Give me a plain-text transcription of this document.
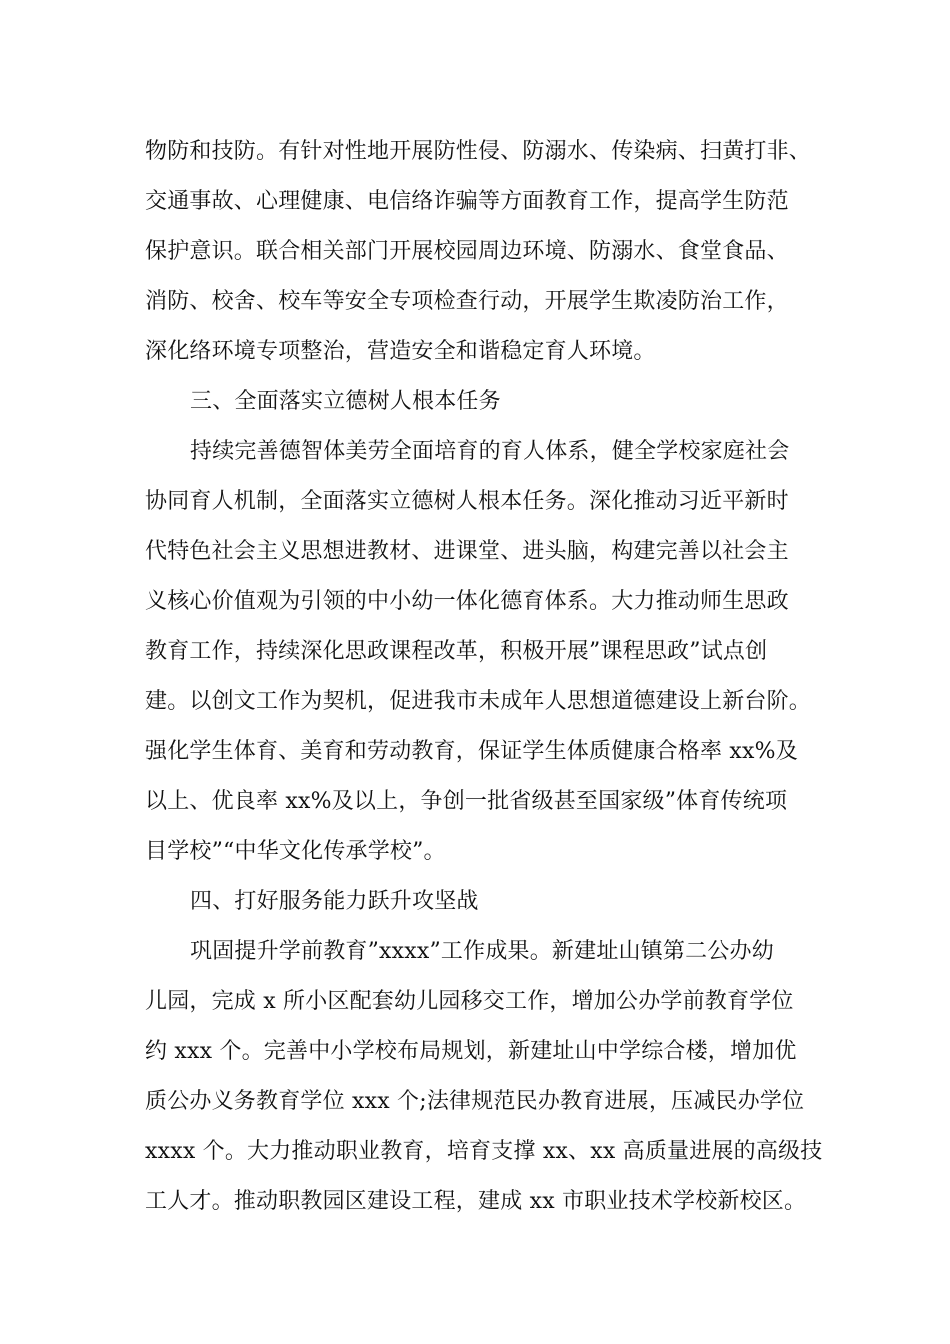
物防和技防。有针对性地开展防性侵、防溺水、传染病、扫黄打非、
交通事故、心理健康、电信络诈骗等方面教育工作，提高学生防范
保护意识。联合相关部门开展校园周边环境、防溺水、食堂食品、
消防、校舍、校车等安全专项检查行动，开展学生欺凌防治工作，
深化络环境专项整治，营造安全和谐稳定育人环境。
三、全面落实立德树人根本任务
持续完善德智体美劳全面培育的育人体系，健全学校家庭社会
协同育人机制，全面落实立德树人根本任务。深化推动习近平新时
代特色社会主义思想进教材、进课堂、进头脑，构建完善以社会主
义核心价值观为引领的中小幼一体化德育体系。大力推动师生思政
教育工作，持续深化思政课程改革，积极开展”课程思政”试点创
建。以创文工作为契机，促进我市未成年人思想道德建设上新台阶。
强化学生体育、美育和劳动教育，保证学生体质健康合格率 xx%及
以上、优良率 xx%及以上，争创一批省级甚至国家级”体育传统项
目学校”“中华文化传承学校”。
四、打好服务能力跃升攻坚战
巩固提升学前教育”xxxx”工作成果。新建址山镇第二公办幼
儿园，完成 x 所小区配套幼儿园移交工作，增加公办学前教育学位
约 xxx 个。完善中小学校布局规划，新建址山中学综合楼，增加优
质公办义务教育学位 xxx 个;法律规范民办教育进展，压减民办学位
xxxx 个。大力推动职业教育，培育支撑 xx、xx 高质量进展的高级技
工人才。推动职教园区建设工程，建成 xx 市职业技术学校新校区。
